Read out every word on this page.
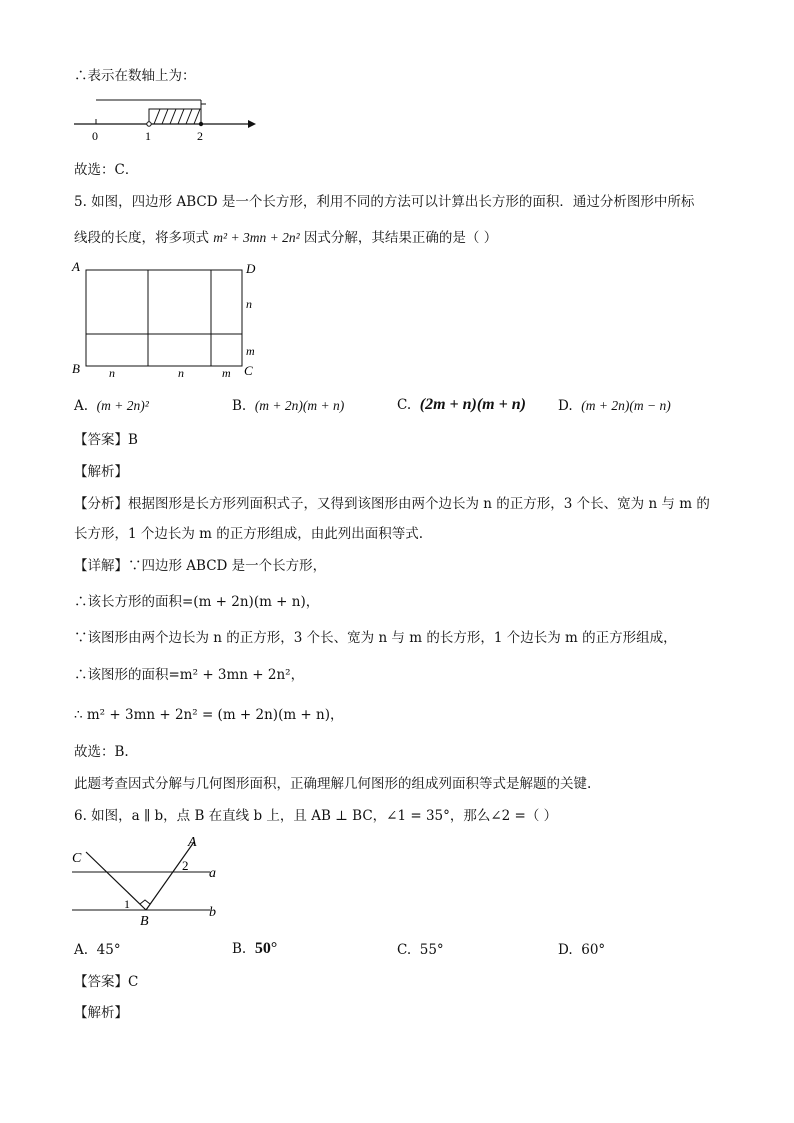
∴表示在数轴上为：
0	1	2
故选：C．
5. 如图，四边形 ABCD 是一个长方形，利用不同的方法可以计算出长方形的面积．通过分析图形中所标
线段的长度，将多项式 m² + 3mn + 2n² 因式分解，其结果正确的是（ ）
A	D
B	C
n	n	m
n
m
A. (m + 2n)²	B. (m + 2n)(m + n)	C. (2m + n)(m + n) D. (m + 2n)(m − n)
【答案】B
【解析】
【分析】根据图形是长方形列面积式子，又得到该图形由两个边长为 n 的正方形，3 个长、宽为 n 与 m 的
长方形，1 个边长为 m 的正方形组成，由此列出面积等式.
【详解】∵四边形 ABCD 是一个长方形，
∴该长方形的面积=(m + 2n)(m + n)，
∵该图形由两个边长为 n 的正方形，3 个长、宽为 n 与 m 的长方形，1 个边长为 m 的正方形组成，
∴该图形的面积=m² + 3mn + 2n²，
∴ m² + 3mn + 2n² = (m + 2n)(m + n)，
故选：B.
此题考查因式分解与几何图形面积，正确理解几何图形的组成列面积等式是解题的关键.
6. 如图，a ∥ b，点 B 在直线 b 上，且 AB ⊥ BC，∠1 = 35°，那么∠2 =（ ）
C
A
a
b
B
1
2
A. 45°	B. 50°	C. 55°	D. 60°
【答案】C
【解析】
